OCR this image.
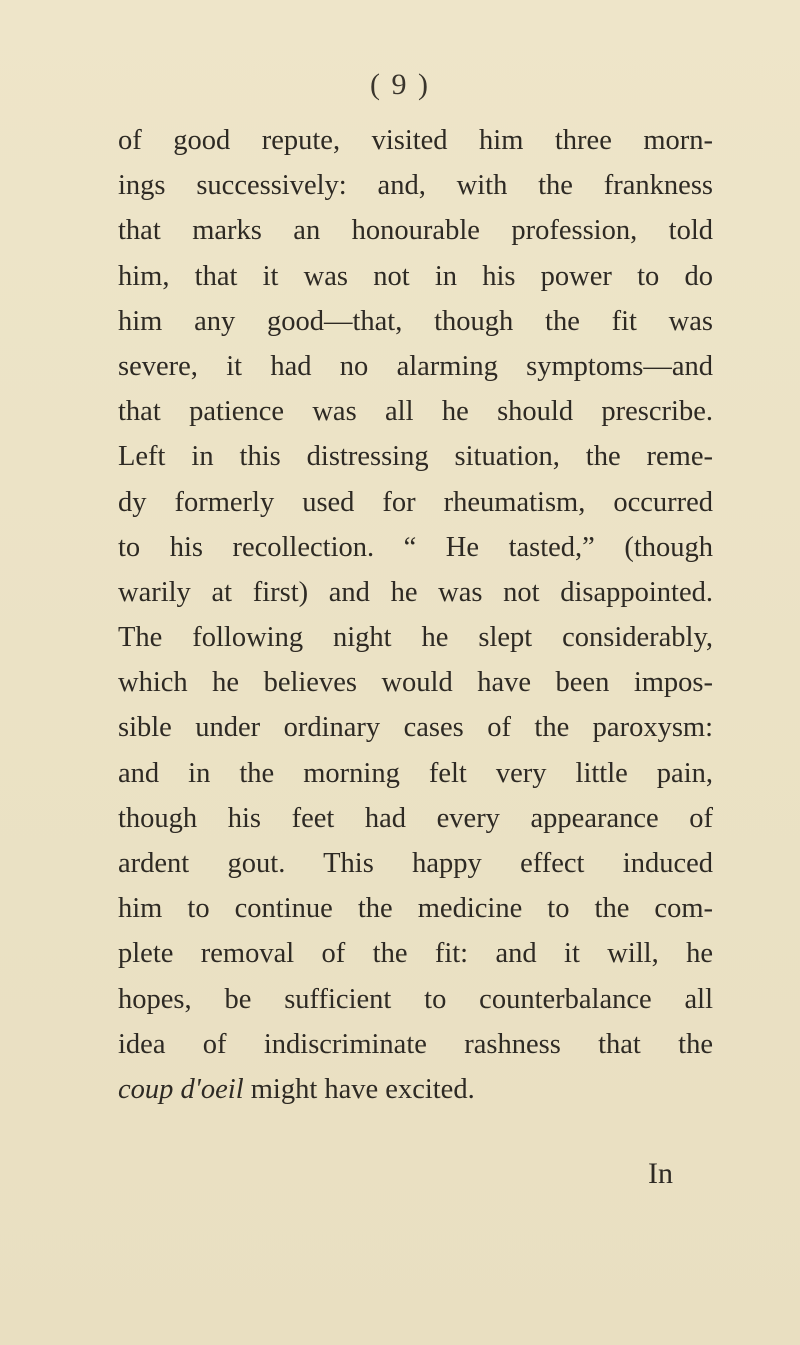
( 9 )
of good repute, visited him three morn-
ings successively: and, with the frankness
that marks an honourable profession, told
him, that it was not in his power to do
him any good—that, though the fit was
severe, it had no alarming symptoms—and
that patience was all he should prescribe.
Left in this distressing situation, the reme-
dy formerly used for rheumatism, occurred
to his recollection. “ He tasted,” (though
warily at first) and he was not disappointed.
The following night he slept considerably,
which he believes would have been impos-
sible under ordinary cases of the paroxysm:
and in the morning felt very little pain,
though his feet had every appearance of
ardent gout. This happy effect induced
him to continue the medicine to the com-
plete removal of the fit: and it will, he
hopes, be sufficient to counterbalance all
idea of indiscriminate rashness that the
coup d'oeil might have excited.
In
